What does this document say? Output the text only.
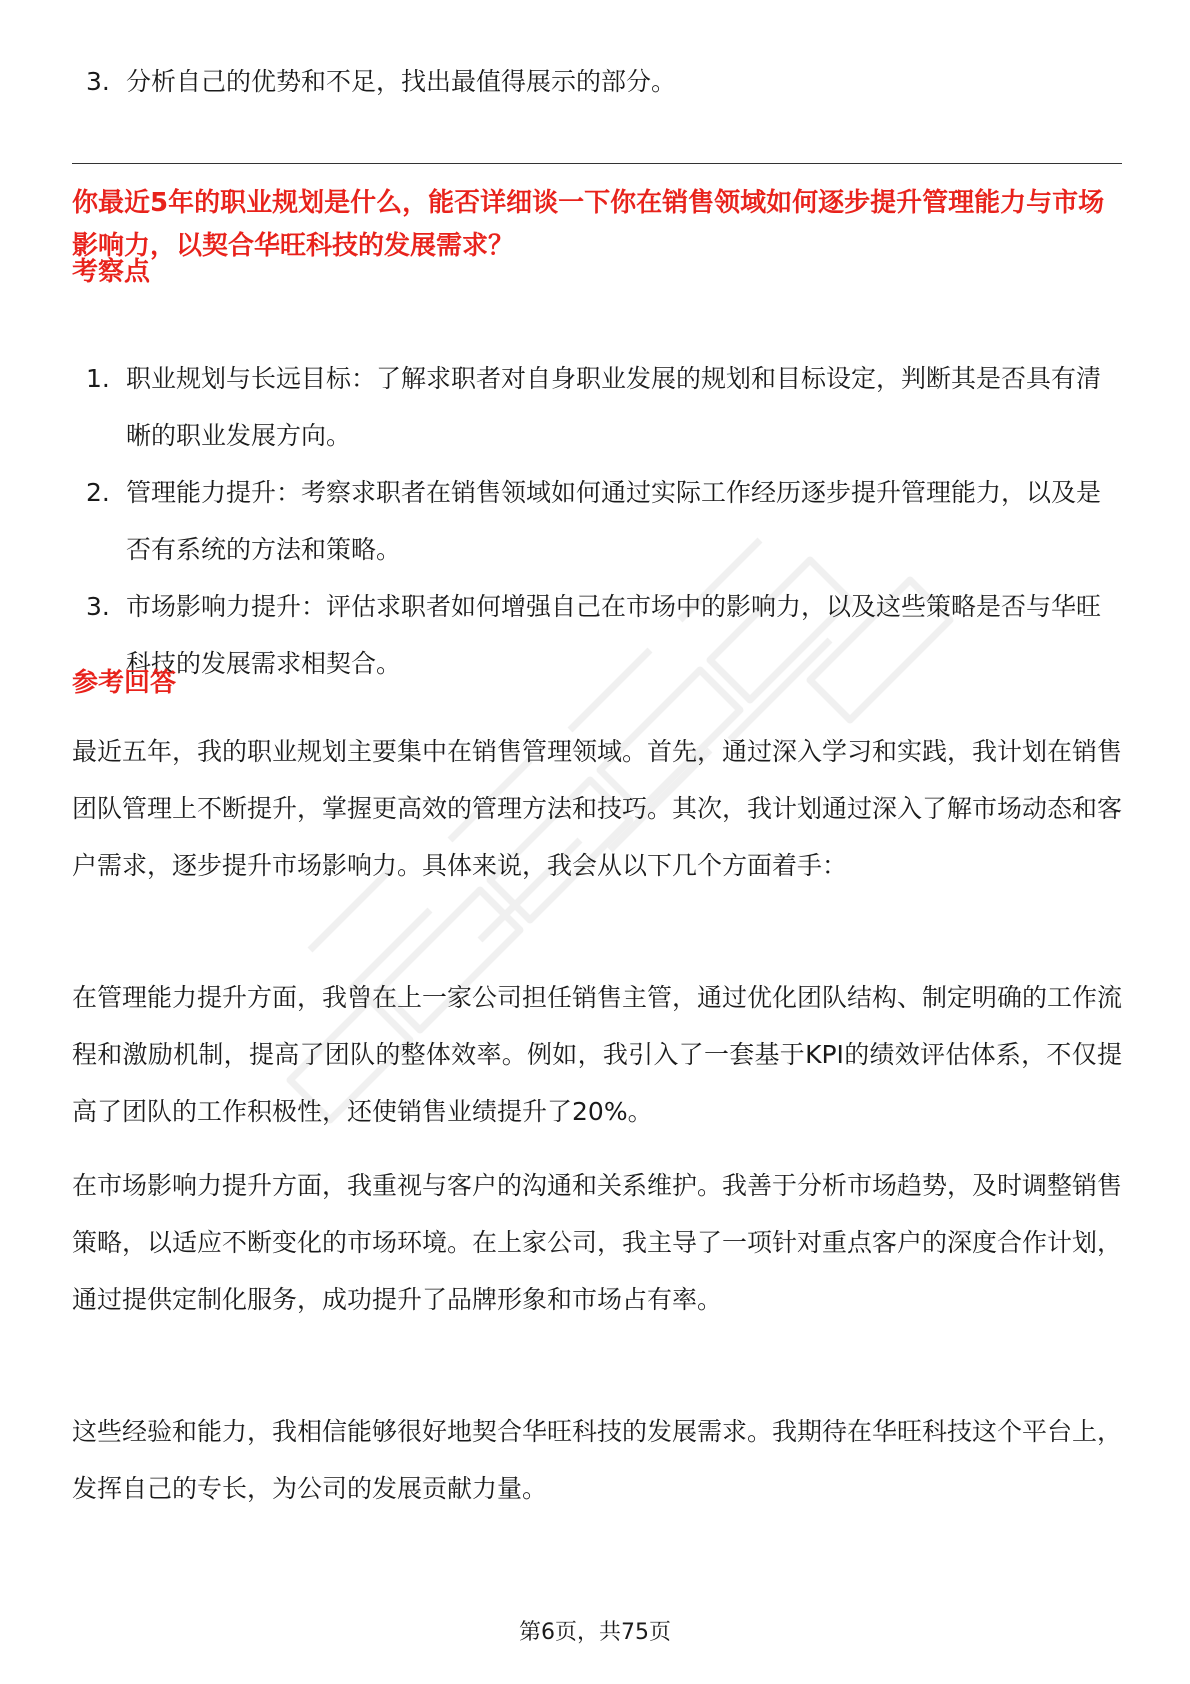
3. 分析自己的优势和不足，找出最值得展示的部分。
你最近5年的职业规划是什么，能否详细谈一下你在销售领域如何逐步提升管理能力与市场影响力，以契合华旺科技的发展需求？
考察点
1. 职业规划与长远目标：了解求职者对自身职业发展的规划和目标设定，判断其是否具有清晰的职业发展方向。
2. 管理能力提升：考察求职者在销售领域如何通过实际工作经历逐步提升管理能力，以及是否有系统的方法和策略。
3. 市场影响力提升：评估求职者如何增强自己在市场中的影响力，以及这些策略是否与华旺科技的发展需求相契合。
参考回答

最近五年，我的职业规划主要集中在销售管理领域。首先，通过深入学习和实践，我计划在销售团队管理上不断提升，掌握更高效的管理方法和技巧。其次，我计划通过深入了解市场动态和客户需求，逐步提升市场影响力。具体来说，我会从以下几个方面着手：

在管理能力提升方面，我曾在上一家公司担任销售主管，通过优化团队结构、制定明确的工作流程和激励机制，提高了团队的整体效率。例如，我引入了一套基于KPI的绩效评估体系，不仅提高了团队的工作积极性，还使销售业绩提升了20%。

在市场影响力提升方面，我重视与客户的沟通和关系维护。我善于分析市场趋势，及时调整销售策略，以适应不断变化的市场环境。在上家公司，我主导了一项针对重点客户的深度合作计划，通过提供定制化服务，成功提升了品牌形象和市场占有率。

这些经验和能力，我相信能够很好地契合华旺科技的发展需求。我期待在华旺科技这个平台上，发挥自己的专长，为公司的发展贡献力量。

第6页，共75页
